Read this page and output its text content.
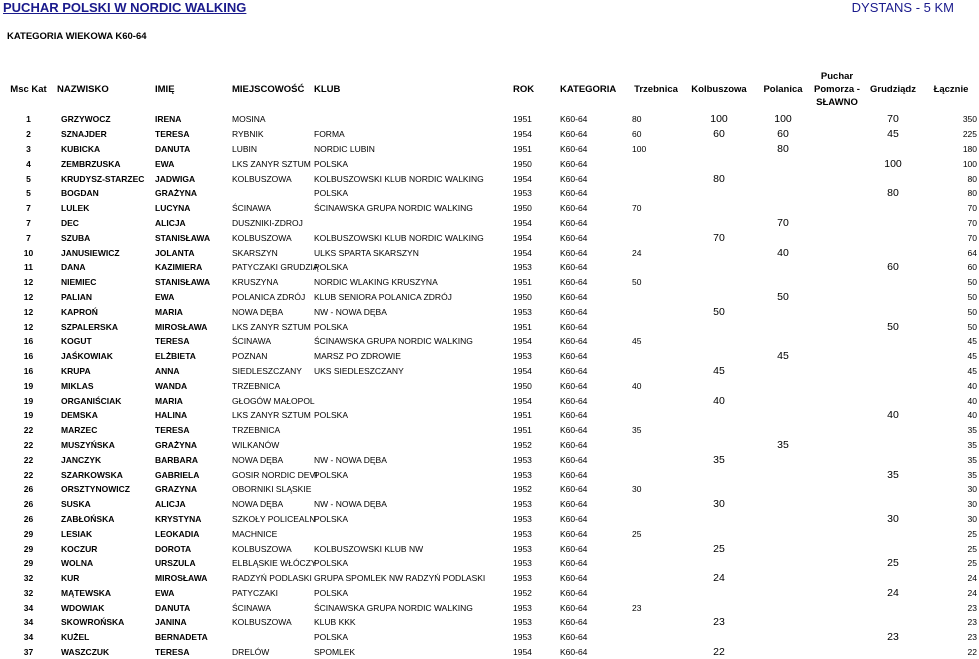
PUCHAR POLSKI W NORDIC WALKING	DYSTANS - 5 KM
KATEGORIA WIEKOWA K60-64
Msc Kat	NAZWISKO	IMIĘ	MIEJSCOWOŚĆ	KLUB	ROK	KATEGORIA	Trzebnica	Kolbuszowa	Polanica	Puchar
Pomorza -
SŁAWNO	Grudziądz	Łącznie
1	GRZYWOCZ	IRENA	MOSINA		1951	K60-64	80	100	100		70	350
2	SZNAJDER	TERESA	RYBNIK	FORMA	1954	K60-64	60	60	60		45	225
3	KUBICKA	DANUTA	LUBIN	NORDIC LUBIN	1951	K60-64	100		80			180
4	ZEMBRZUSKA	EWA	LKS ZANYR SZTUM	POLSKA	1950	K60-64					100	100
5	KRUDYSZ-STARZEC	JADWIGA	KOLBUSZOWA	KOLBUSZOWSKI KLUB NORDIC WALKING	1954	K60-64		80				80
5	BOGDAN	GRAŻYNA		POLSKA	1953	K60-64					80	80
7	LULEK	LUCYNA	ŚCINAWA	ŚCINAWSKA GRUPA NORDIC WALKING	1950	K60-64	70					70
7	DEC	ALICJA	DUSZNIKI-ZDROJ		1954	K60-64			70			70
7	SZUBA	STANISŁAWA	KOLBUSZOWA	KOLBUSZOWSKI KLUB NORDIC WALKING	1954	K60-64		70				70
10	JANUSIEWICZ	JOLANTA	SKARSZYN	ULKS SPARTA SKARSZYN	1954	K60-64	24		40			64
11	DANA	KAZIMIERA	PATYCZAKI GRUDZIĄ	POLSKA	1953	K60-64					60	60
12	NIEMIEC	STANISŁAWA	KRUSZYNA	NORDIC WLAKING KRUSZYNA	1951	K60-64	50					50
12	PALIAN	EWA	POLANICA ZDRÓJ	KLUB SENIORA POLANICA ZDRÓJ	1950	K60-64			50			50
12	KAPROŃ	MARIA	NOWA DĘBA	NW - NOWA DĘBA	1953	K60-64		50				50
12	SZPALERSKA	MIROSŁAWA	LKS ZANYR SZTUM	POLSKA	1951	K60-64					50	50
16	KOGUT	TERESA	ŚCINAWA	ŚCINAWSKA GRUPA NORDIC WALKING	1954	K60-64	45					45
16	JAŚKOWIAK	ELŻBIETA	POZNAN	MARSZ PO ZDROWIE	1953	K60-64			45			45
16	KRUPA	ANNA	SIEDLESZCZANY	UKS SIEDLESZCZANY	1954	K60-64		45				45
19	MIKLAS	WANDA	TRZEBNICA		1950	K60-64	40					40
19	ORGANIŚCIAK	MARIA	GŁOGÓW MAŁOPOL		1954	K60-64		40				40
19	DEMSKA	HALINA	LKS ZANYR SZTUM	POLSKA	1951	K60-64					40	40
22	MARZEC	TERESA	TRZEBNICA		1951	K60-64	35					35
22	MUSZYŃSKA	GRAŻYNA	WILKANÓW		1952	K60-64			35			35
22	JANCZYK	BARBARA	NOWA DĘBA	NW - NOWA DĘBA	1953	K60-64		35				35
22	SZARKOWSKA	GABRIELA	GOSIR NORDIC DEVI	POLSKA	1953	K60-64					35	35
26	ORSZTYNOWICZ	GRAZYNA	OBORNIKI SLĄSKIE		1952	K60-64	30					30
26	SUSKA	ALICJA	NOWA DĘBA	NW - NOWA DĘBA	1953	K60-64		30				30
26	ZABŁOŃSKA	KRYSTYNA	SZKOŁY POLICEALN	POLSKA	1953	K60-64					30	30
29	LESIAK	LEOKADIA	MACHNICE		1953	K60-64	25					25
29	KOCZUR	DOROTA	KOLBUSZOWA	KOLBUSZOWSKI KLUB NW	1953	K60-64		25				25
29	WOLNA	URSZULA	ELBLĄSKIE WŁÓCZY	POLSKA	1953	K60-64					25	25
32	KUR	MIROSŁAWA	RADZYŃ PODLASKI	GRUPA SPOMLEK NW RADZYŃ PODLASKI	1953	K60-64		24				24
32	MĄTEWSKA	EWA	PATYCZAKI	POLSKA	1952	K60-64					24	24
34	WDOWIAK	DANUTA	ŚCINAWA	ŚCINAWSKA GRUPA NORDIC WALKING	1953	K60-64	23					23
34	SKOWROŃSKA	JANINA	KOLBUSZOWA	KLUB KKK	1953	K60-64		23				23
34	KUŻEL	BERNADETA		POLSKA	1953	K60-64					23	23
37	WASZCZUK	TERESA	DRELÓW	SPOMLEK	1954	K60-64		22				22
